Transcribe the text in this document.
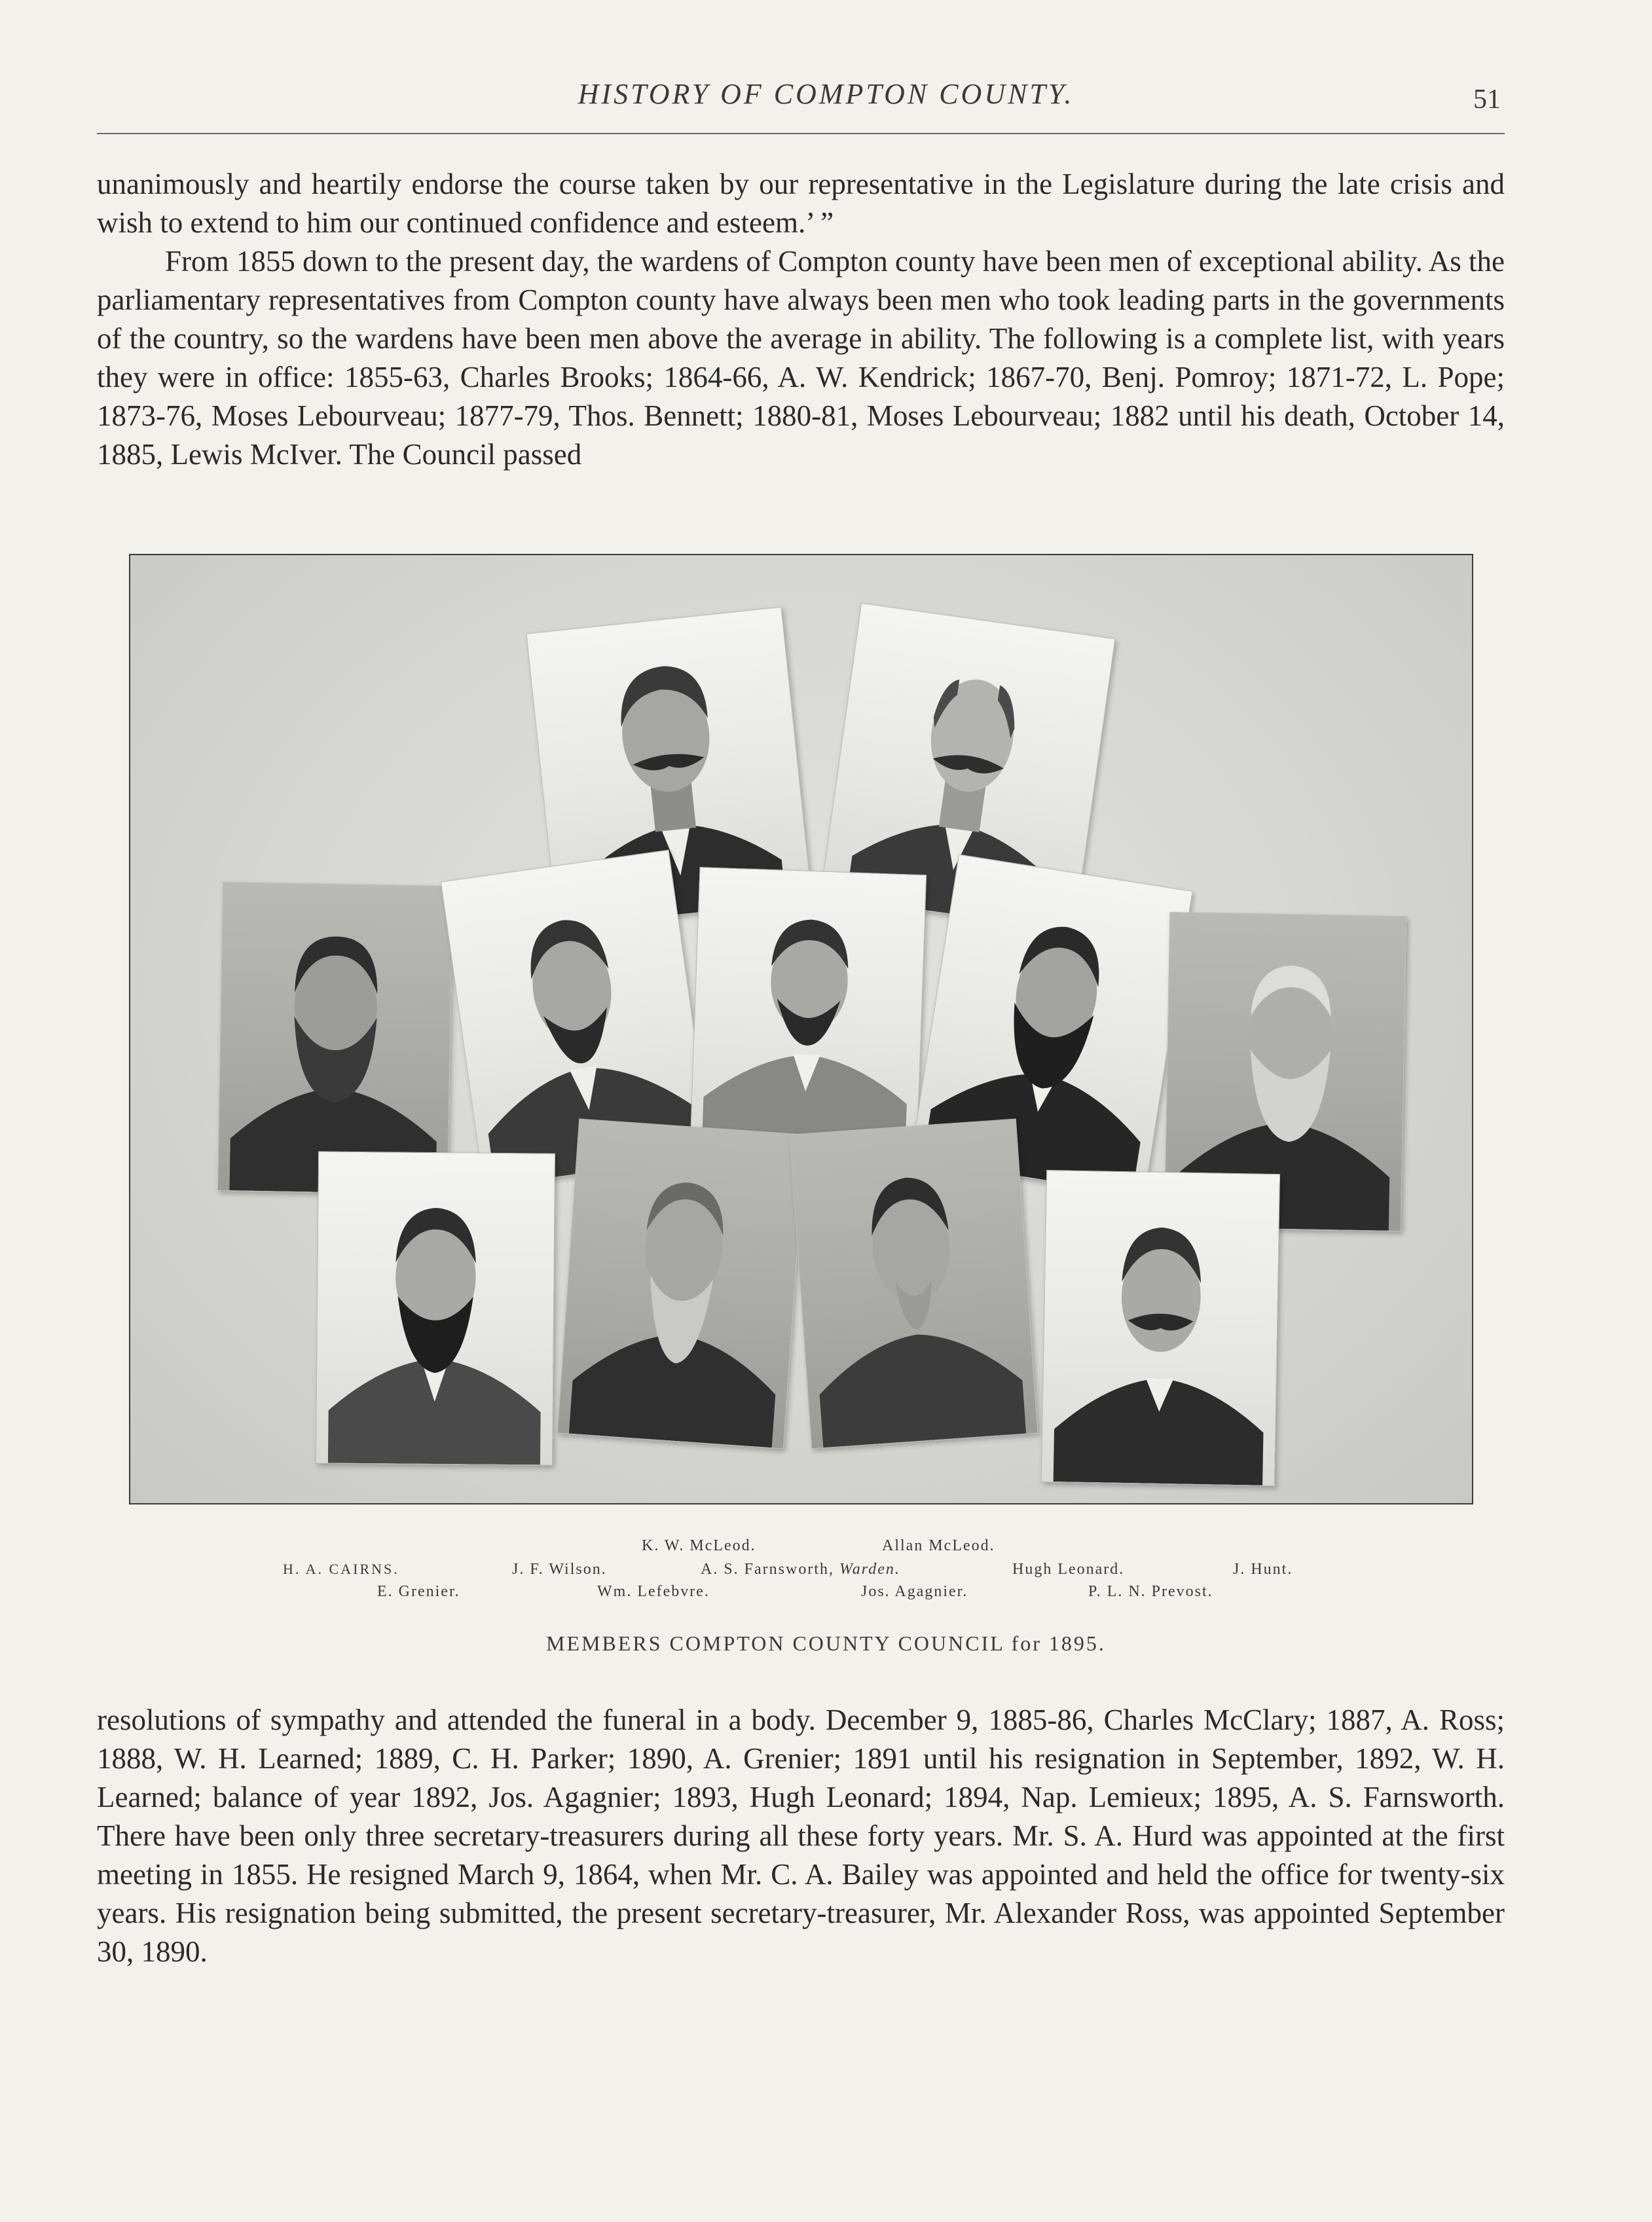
HISTORY OF COMPTON COUNTY.	51

unanimously and heartily endorse the course taken by our representative in the Legislature during the late crisis and wish to extend to him our continued confidence and esteem.’ ”

From 1855 down to the present day, the wardens of Compton county have been men of exceptional ability. As the parliamentary representatives from Compton county have always been men who took leading parts in the governments of the country, so the wardens have been men above the average in ability. The following is a complete list, with years they were in office: 1855-63, Charles Brooks; 1864-66, A. W. Kendrick; 1867-70, Benj. Pomroy; 1871-72, L. Pope; 1873-76, Moses Lebourveau; 1877-79, Thos. Bennett; 1880-81, Moses Lebourveau; 1882 until his death, October 14, 1885, Lewis McIver. The Council passed

K. W. McLeod.	Allan McLeod.
H. A. CAIRNS.	J. F. Wilson.	A. S. Farnsworth, Warden.	Hugh Leonard.	J. Hunt.
E. Grenier.	Wm. Lefebvre.	Jos. Agagnier.	P. L. N. Prevost.
MEMBERS COMPTON COUNTY COUNCIL for 1895.

resolutions of sympathy and attended the funeral in a body. December 9, 1885-86, Charles McClary; 1887, A. Ross; 1888, W. H. Learned; 1889, C. H. Parker; 1890, A. Grenier; 1891 until his resignation in September, 1892, W. H. Learned; balance of year 1892, Jos. Agagnier; 1893, Hugh Leonard; 1894, Nap. Lemieux; 1895, A. S. Farnsworth. There have been only three secretary-treasurers during all these forty years. Mr. S. A. Hurd was appointed at the first meeting in 1855. He resigned March 9, 1864, when Mr. C. A. Bailey was appointed and held the office for twenty-six years. His resignation being submitted, the present secretary-treasurer, Mr. Alexander Ross, was appointed September 30, 1890.
